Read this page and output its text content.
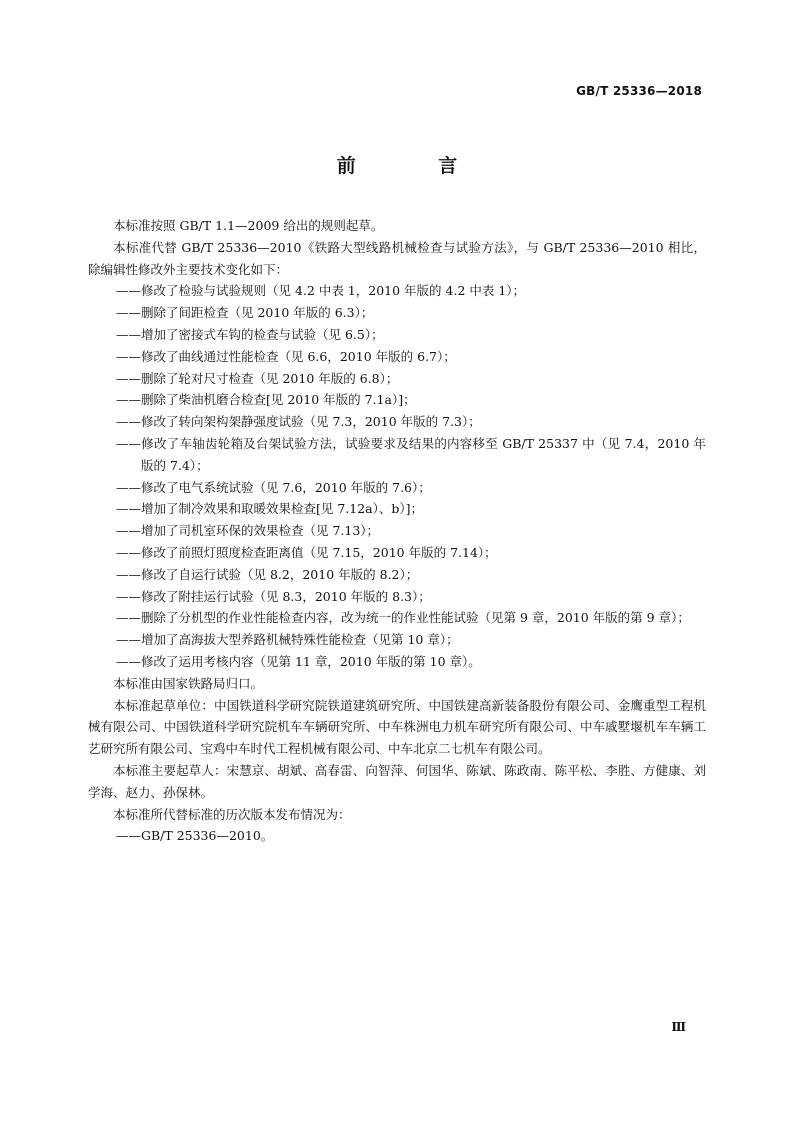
GB/T 25336—2018
前 言

本标准按照 GB/T 1.1—2009 给出的规则起草。

本标准代替 GB/T 25336—2010《铁路大型线路机械检查与试验方法》，与 GB/T 25336—2010 相比，除编辑性修改外主要技术变化如下：

——修改了检验与试验规则（见 4.2 中表 1，2010 年版的 4.2 中表 1）；

——删除了间距检查（见 2010 年版的 6.3）；

——增加了密接式车钩的检查与试验（见 6.5）；

——修改了曲线通过性能检查（见 6.6，2010 年版的 6.7）；

——删除了轮对尺寸检查（见 2010 年版的 6.8）；

——删除了柴油机磨合检查[见 2010 年版的 7.1a）]；

——修改了转向架构架静强度试验（见 7.3，2010 年版的 7.3）；

——修改了车轴齿轮箱及台架试验方法，试验要求及结果的内容移至 GB/T 25337 中（见 7.4，2010 年版的 7.4）；

——修改了电气系统试验（见 7.6，2010 年版的 7.6）；

——增加了制冷效果和取暖效果检查[见 7.12a）、b）]；

——增加了司机室环保的效果检查（见 7.13）；

——修改了前照灯照度检查距离值（见 7.15，2010 年版的 7.14）；

——修改了自运行试验（见 8.2，2010 年版的 8.2）；

——修改了附挂运行试验（见 8.3，2010 年版的 8.3）；

——删除了分机型的作业性能检查内容，改为统一的作业性能试验（见第 9 章，2010 年版的第 9 章）；

——增加了高海拔大型养路机械特殊性能检查（见第 10 章）；

——修改了运用考核内容（见第 11 章，2010 年版的第 10 章）。

本标准由国家铁路局归口。

本标准起草单位：中国铁道科学研究院铁道建筑研究所、中国铁建高新装备股份有限公司、金鹰重型工程机械有限公司、中国铁道科学研究院机车车辆研究所、中车株洲电力机车研究所有限公司、中车戚墅堰机车车辆工艺研究所有限公司、宝鸡中车时代工程机械有限公司、中车北京二七机车有限公司。

本标准主要起草人：宋慧京、胡斌、高春雷、向智萍、何国华、陈斌、陈政南、陈平松、李胜、方健康、刘学海、赵力、孙保林。

本标准所代替标准的历次版本发布情况为：

——GB/T 25336—2010。

Ⅲ
